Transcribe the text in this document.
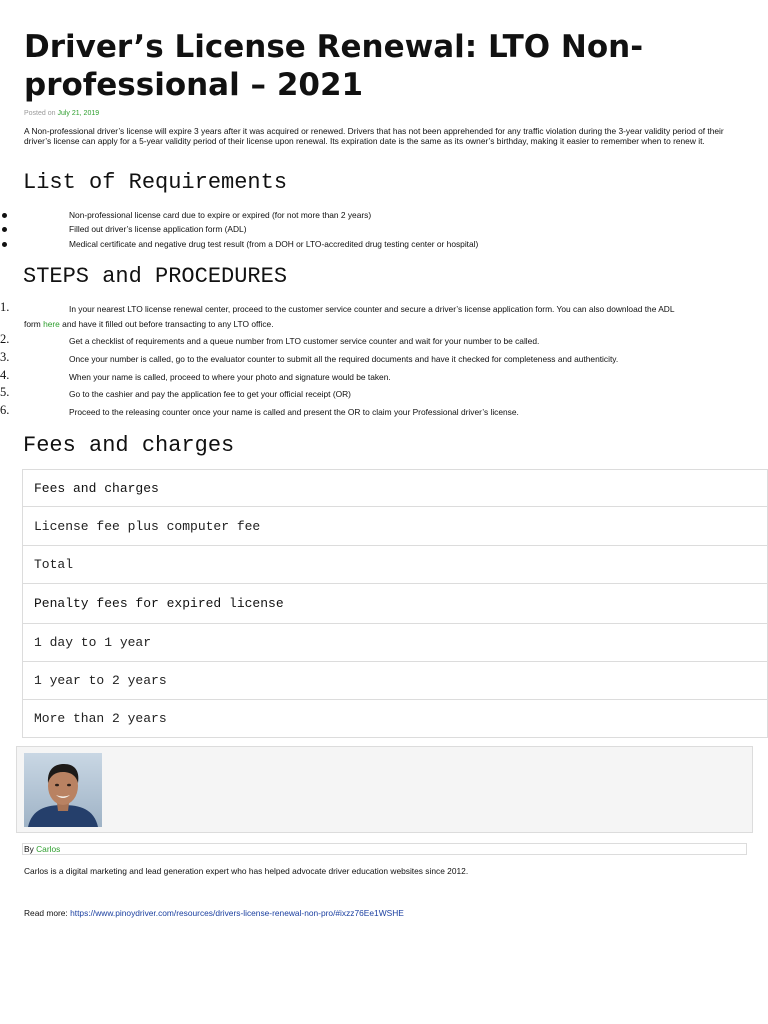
Driver’s License Renewal: LTO Non-professional – 2021
Posted on July 21, 2019

A Non-professional driver’s license will expire 3 years after it was acquired or renewed. Drivers that has not been apprehended for any traffic violation during the 3-year validity period of their driver’s license can apply for a 5-year validity period of their license upon renewal. Its expiration date is the same as its owner’s birthday, making it easier to remember when to renew it.

List of Requirements
Non-professional license card due to expire or expired (for not more than 2 years)
Filled out driver’s license application form (ADL)
Medical certificate and negative drug test result (from a DOH or LTO-accredited drug testing center or hospital)
STEPS and PROCEDURES
1.	In your nearest LTO license renewal center, proceed to the customer service counter and secure a driver’s license application form. You can also download the ADL
form here and have it filled out before transacting to any LTO office.
2.	Get a checklist of requirements and a queue number from LTO customer service counter and wait for your number to be called.
3.	Once your number is called, go to the evaluator counter to submit all the required documents and have it checked for completeness and authenticity.
4.	When your name is called, proceed to where your photo and signature would be taken.
5.	Go to the cashier and pay the application fee to get your official receipt (OR)
6.	Proceed to the releasing counter once your name is called and present the OR to claim your Professional driver’s license.
Fees and charges
Fees and charges
License fee plus computer fee
Total
Penalty fees for expired license
1 day to 1 year
1 year to 2 years
More than 2 years
By Carlos
Carlos is a digital marketing and lead generation expert who has helped advocate driver education websites since 2012.
Read more: https://www.pinoydriver.com/resources/drivers-license-renewal-non-pro/#ixzz76Ee1WSHE
